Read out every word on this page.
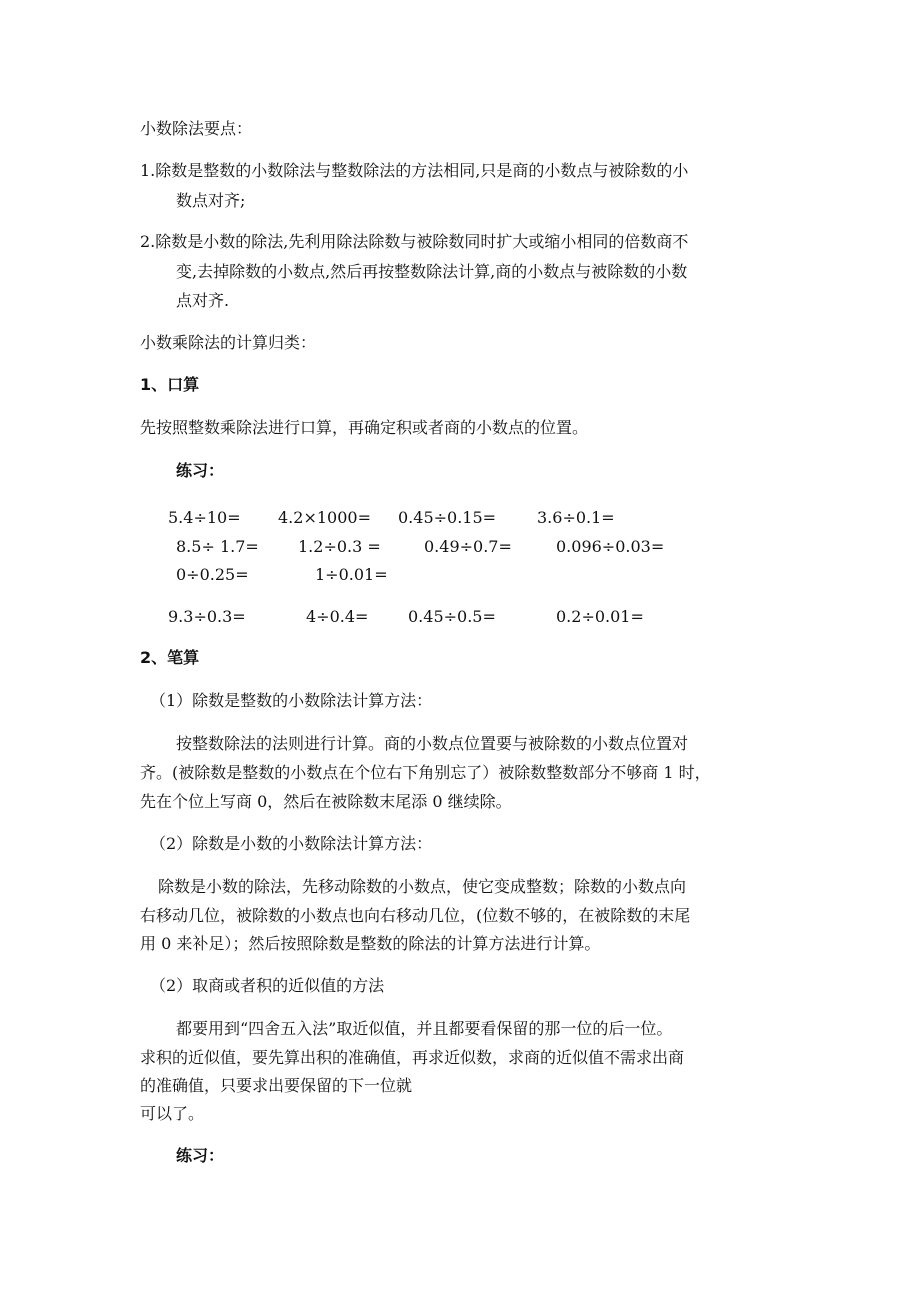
小数除法要点：
1.除数是整数的小数除法与整数除法的方法相同,只是商的小数点与被除数的小
数点对齐;
2.除数是小数的除法,先利用除法除数与被除数同时扩大或缩小相同的倍数商不
变,去掉除数的小数点,然后再按整数除法计算,商的小数点与被除数的小数
点对齐.
小数乘除法的计算归类：
1、口算
先按照整数乘除法进行口算，再确定积或者商的小数点的位置。
练习：
5.4÷10= 4.2×1000= 0.45÷0.15=	3.6÷0.1=
8.5÷ 1.7= 1.2÷0.3 =	0.49÷0.7=	0.096÷0.03=
0÷0.25=	1÷0.01=
9.3÷0.3=	4÷0.4= 0.45÷0.5=	0.2÷0.01=
2、笔算
（1）除数是整数的小数除法计算方法：
按整数除法的法则进行计算。商的小数点位置要与被除数的小数点位置对
齐。(被除数是整数的小数点在个位右下角别忘了）被除数整数部分不够商 1 时，
先在个位上写商 0，然后在被除数末尾添 0 继续除。
（2）除数是小数的小数除法计算方法：
除数是小数的除法，先移动除数的小数点，使它变成整数；除数的小数点向
右移动几位，被除数的小数点也向右移动几位，(位数不够的，在被除数的末尾
用 0 来补足）；然后按照除数是整数的除法的计算方法进行计算。
（2）取商或者积的近似值的方法
都要用到“四舍五入法”取近似值，并且都要看保留的那一位的后一位。
求积的近似值，要先算出积的准确值，再求近似数，求商的近似值不需求出商
的准确值，只要求出要保留的下一位就
可以了。
练习：
